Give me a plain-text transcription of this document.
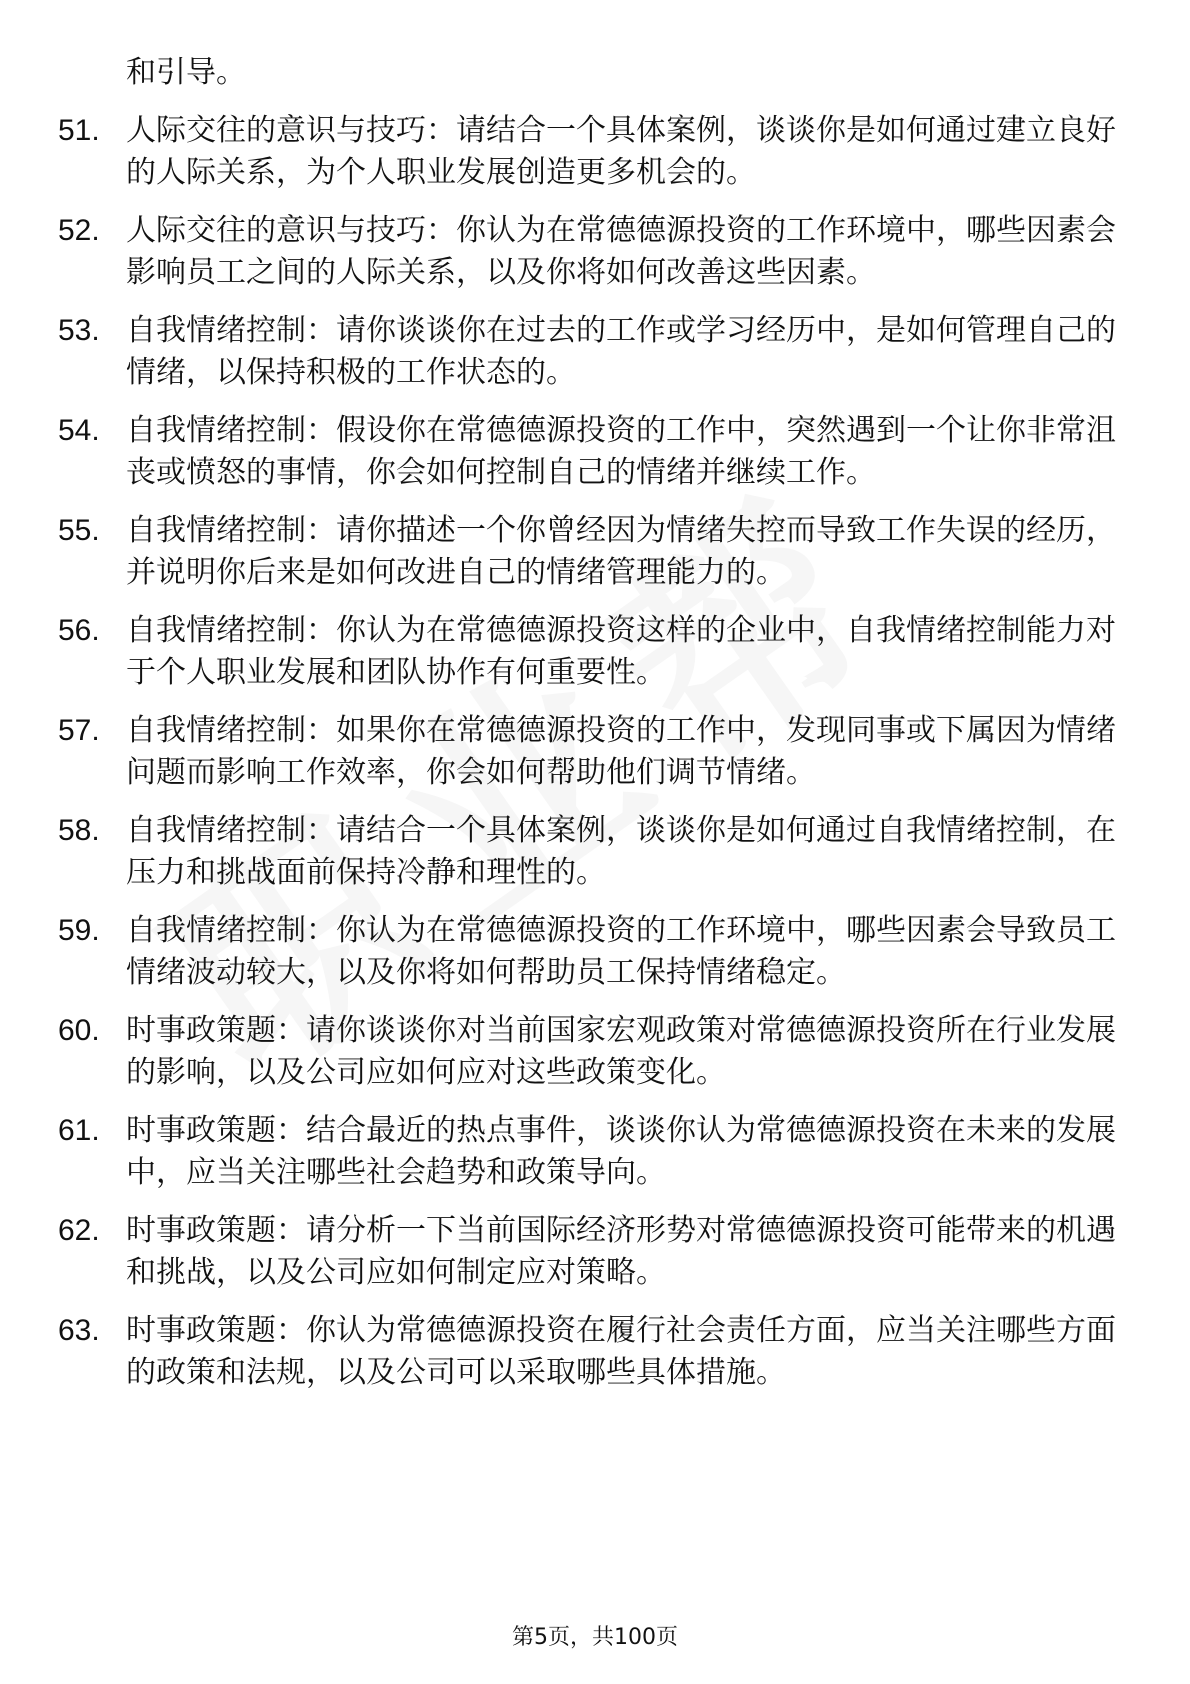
和引导。
51. 人际交往的意识与技巧：请结合一个具体案例，谈谈你是如何通过建立良好的人际关系，为个人职业发展创造更多机会的。
52. 人际交往的意识与技巧：你认为在常德德源投资的工作环境中，哪些因素会影响员工之间的人际关系，以及你将如何改善这些因素。
53. 自我情绪控制：请你谈谈你在过去的工作或学习经历中，是如何管理自己的情绪，以保持积极的工作状态的。
54. 自我情绪控制：假设你在常德德源投资的工作中，突然遇到一个让你非常沮丧或愤怒的事情，你会如何控制自己的情绪并继续工作。
55. 自我情绪控制：请你描述一个你曾经因为情绪失控而导致工作失误的经历，并说明你后来是如何改进自己的情绪管理能力的。
56. 自我情绪控制：你认为在常德德源投资这样的企业中，自我情绪控制能力对于个人职业发展和团队协作有何重要性。
57. 自我情绪控制：如果你在常德德源投资的工作中，发现同事或下属因为情绪问题而影响工作效率，你会如何帮助他们调节情绪。
58. 自我情绪控制：请结合一个具体案例，谈谈你是如何通过自我情绪控制，在压力和挑战面前保持冷静和理性的。
59. 自我情绪控制：你认为在常德德源投资的工作环境中，哪些因素会导致员工情绪波动较大，以及你将如何帮助员工保持情绪稳定。
60. 时事政策题：请你谈谈你对当前国家宏观政策对常德德源投资所在行业发展的影响，以及公司应如何应对这些政策变化。
61. 时事政策题：结合最近的热点事件，谈谈你认为常德德源投资在未来的发展中，应当关注哪些社会趋势和政策导向。
62. 时事政策题：请分析一下当前国际经济形势对常德德源投资可能带来的机遇和挑战，以及公司应如何制定应对策略。
63. 时事政策题：你认为常德德源投资在履行社会责任方面，应当关注哪些方面的政策和法规，以及公司可以采取哪些具体措施。
第5页，共100页
